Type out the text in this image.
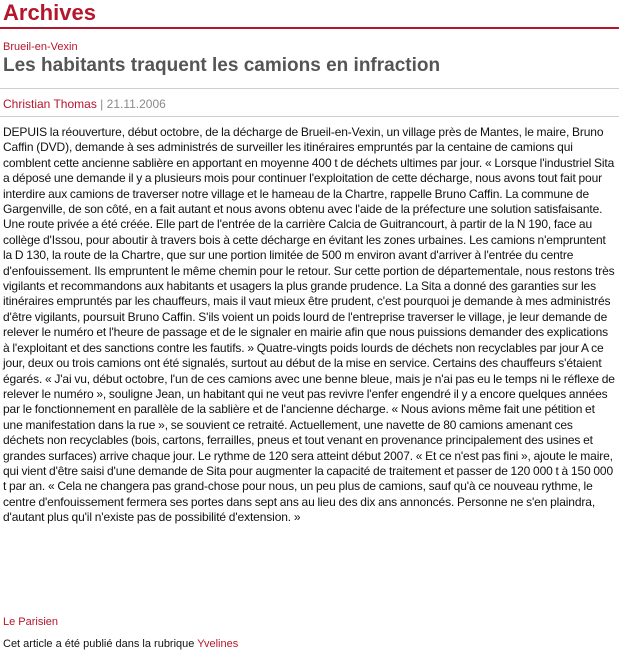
Archives
Brueil-en-Vexin
Les habitants traquent les camions en infraction
Christian Thomas | 21.11.2006
DEPUIS la réouverture, début octobre, de la décharge de Brueil-en-Vexin, un village près de Mantes, le maire, Bruno Caffin (DVD), demande à ses administrés de surveiller les itinéraires empruntés par la centaine de camions qui comblent cette ancienne sablière en apportant en moyenne 400 t de déchets ultimes par jour. « Lorsque l'industriel Sita a déposé une demande il y a plusieurs mois pour continuer l'exploitation de cette décharge, nous avons tout fait pour interdire aux camions de traverser notre village et le hameau de la Chartre, rappelle Bruno Caffin. La commune de Gargenville, de son côté, en a fait autant et nous avons obtenu avec l'aide de la préfecture une solution satisfaisante. Une route privée a été créée. Elle part de l'entrée de la carrière Calcia de Guitrancourt, à partir de la N 190, face au collège d'Issou, pour aboutir à travers bois à cette décharge en évitant les zones urbaines. Les camions n'empruntent la D 130, la route de la Chartre, que sur une portion limitée de 500 m environ avant d'arriver à l'entrée du centre d'enfouissement. Ils empruntent le même chemin pour le retour. Sur cette portion de départementale, nous restons très vigilants et recommandons aux habitants et usagers la plus grande prudence. La Sita a donné des garanties sur les itinéraires empruntés par les chauffeurs, mais il vaut mieux être prudent, c'est pourquoi je demande à mes administrés d'être vigilants, poursuit Bruno Caffin. S'ils voient un poids lourd de l'entreprise traverser le village, je leur demande de relever le numéro et l'heure de passage et de le signaler en mairie afin que nous puissions demander des explications à l'exploitant et des sanctions contre les fautifs. » Quatre-vingts poids lourds de déchets non recyclables par jour A ce jour, deux ou trois camions ont été signalés, surtout au début de la mise en service. Certains des chauffeurs s'étaient égarés. « J'ai vu, début octobre, l'un de ces camions avec une benne bleue, mais je n'ai pas eu le temps ni le réflexe de relever le numéro », souligne Jean, un habitant qui ne veut pas revivre l'enfer engendré il y a encore quelques années par le fonctionnement en parallèle de la sablière et de l'ancienne décharge. « Nous avions même fait une pétition et une manifestation dans la rue », se souvient ce retraité. Actuellement, une navette de 80 camions amenant ces déchets non recyclables (bois, cartons, ferrailles, pneus et tout venant en provenance principalement des usines et grandes surfaces) arrive chaque jour. Le rythme de 120 sera atteint début 2007. « Et ce n'est pas fini », ajoute le maire, qui vient d'être saisi d'une demande de Sita pour augmenter la capacité de traitement et passer de 120 000 t à 150 000 t par an. « Cela ne changera pas grand-chose pour nous, un peu plus de camions, sauf qu'à ce nouveau rythme, le centre d'enfouissement fermera ses portes dans sept ans au lieu des dix ans annoncés. Personne ne s'en plaindra, d'autant plus qu'il n'existe pas de possibilité d'extension. »
Le Parisien
Cet article a été publié dans la rubrique Yvelines
